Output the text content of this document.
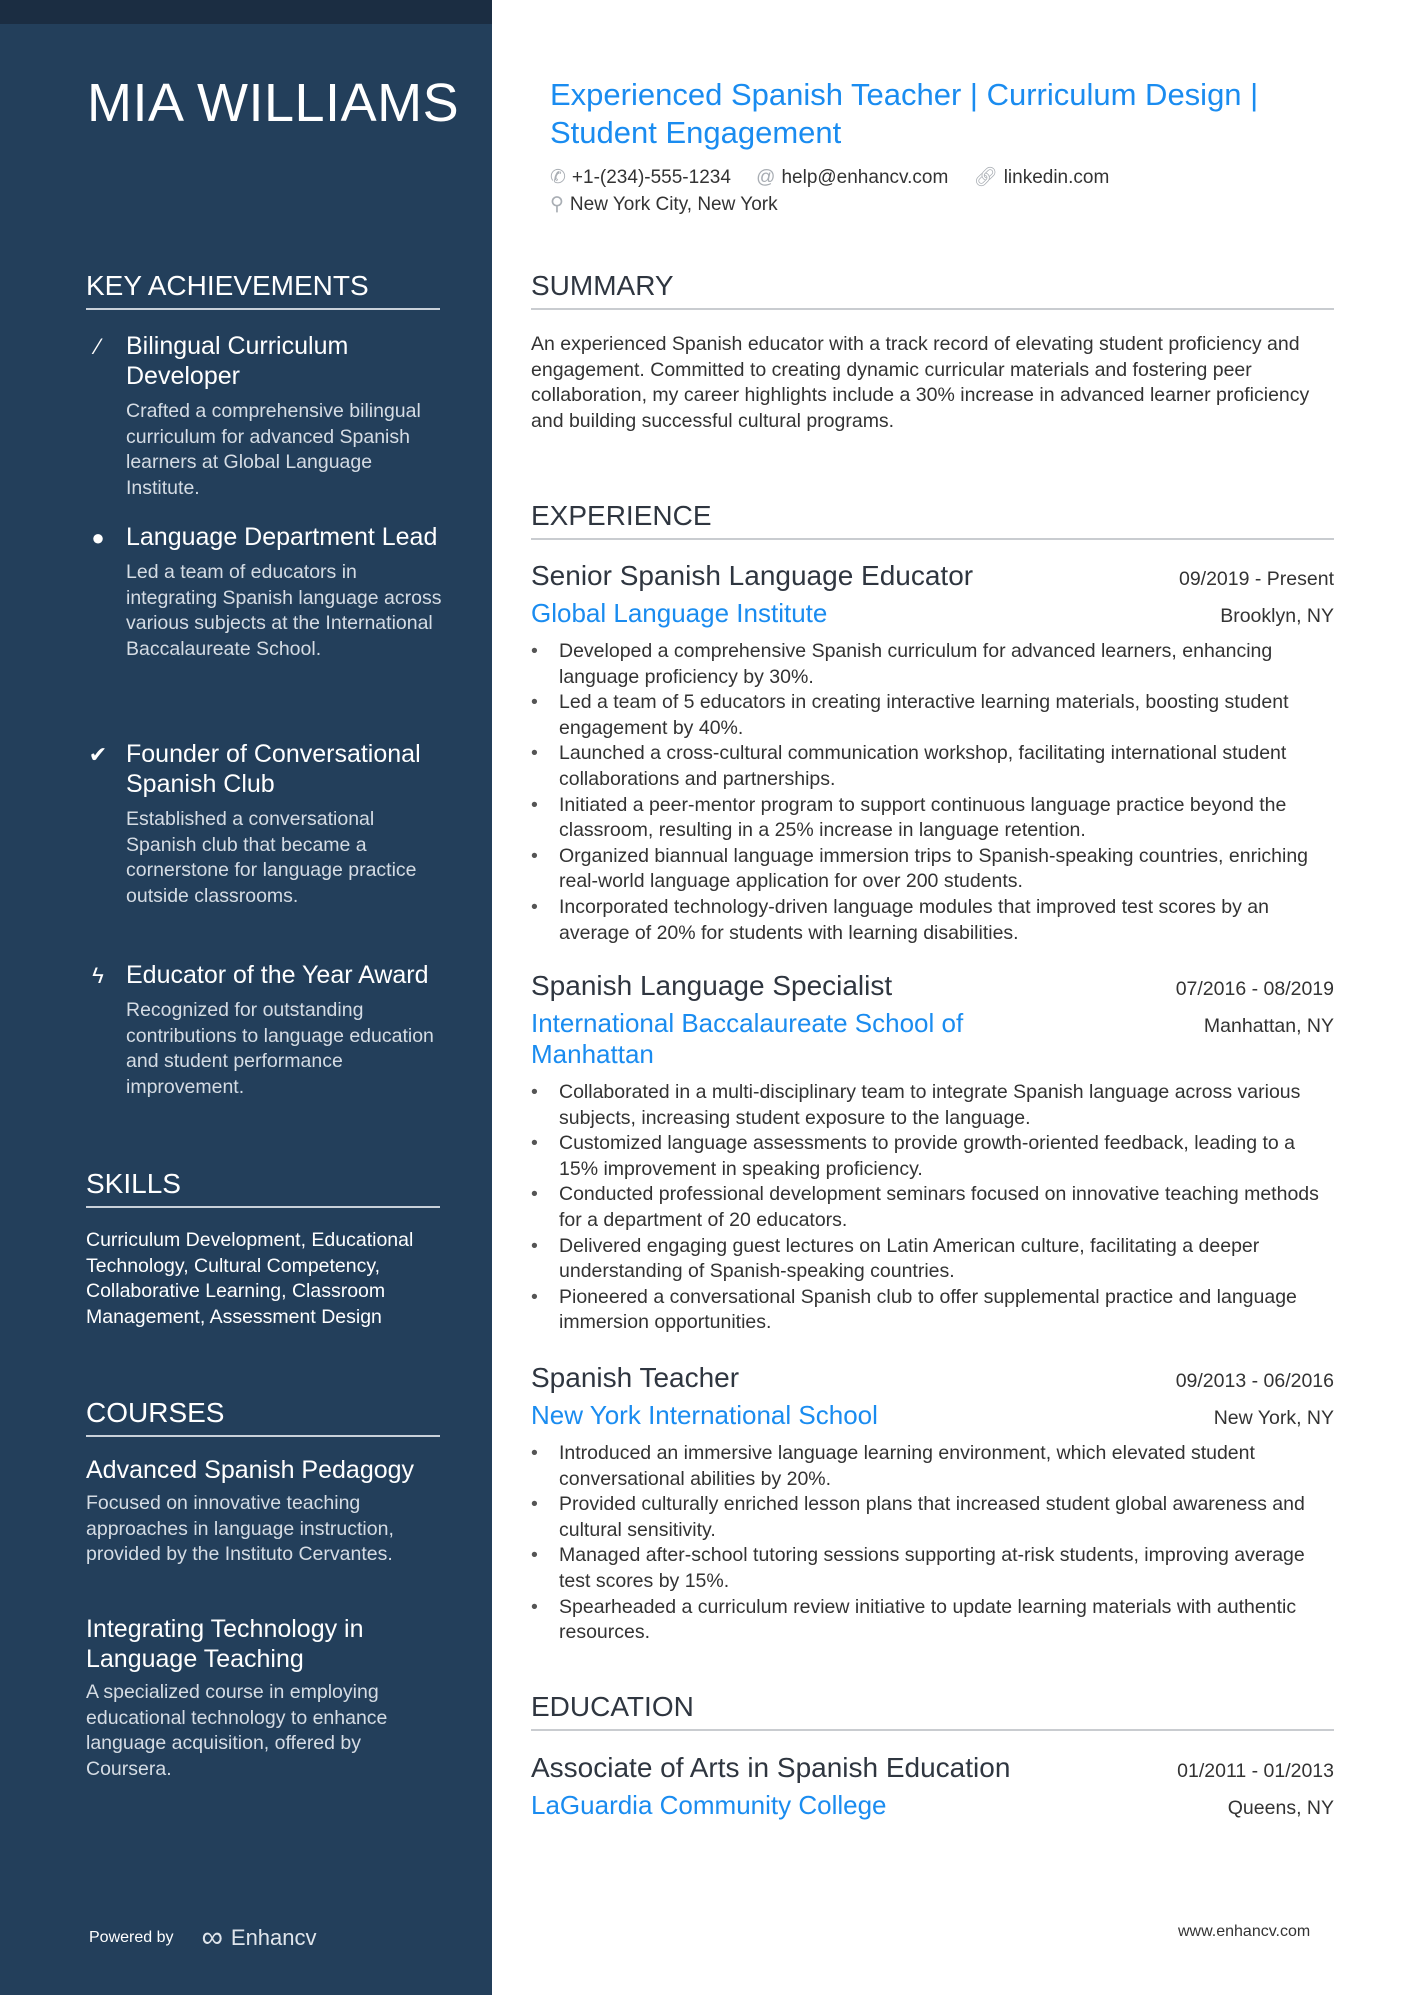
MIA WILLIAMS
KEY ACHIEVEMENTS
⁄	Bilingual Curriculum Developer
Crafted a comprehensive bilingual curriculum for advanced Spanish learners at Global Language Institute.
● Language Department Lead
Led a team of educators in integrating Spanish language across various subjects at the International Baccalaureate School.
✔ Founder of Conversational Spanish Club
Established a conversational Spanish club that became a cornerstone for language practice outside classrooms.
ϟ Educator of the Year Award
Recognized for outstanding contributions to language education and student performance improvement.
SKILLS
Curriculum Development, Educational Technology, Cultural Competency, Collaborative Learning, Classroom Management, Assessment Design
COURSES
Advanced Spanish Pedagogy
Focused on innovative teaching approaches in language instruction, provided by the Instituto Cervantes.
Integrating Technology in Language Teaching
A specialized course in employing educational technology to enhance language acquisition, offered by Coursera.
Powered by ∞ Enhancv
Experienced Spanish Teacher | Curriculum Design | Student Engagement
✆ +1-(234)-555-1234 @ help@enhancv.com 🔗︎ linkedin.com
⚲ New York City, New York
SUMMARY
An experienced Spanish educator with a track record of elevating student proficiency and engagement. Committed to creating dynamic curricular materials and fostering peer collaboration, my career highlights include a 30% increase in advanced learner proficiency and building successful cultural programs.
EXPERIENCE
Senior Spanish Language Educator	09/2019 - Present
Global Language Institute	Brooklyn, NY
• Developed a comprehensive Spanish curriculum for advanced learners, enhancing language proficiency by 30%.
• Led a team of 5 educators in creating interactive learning materials, boosting student engagement by 40%.
• Launched a cross-cultural communication workshop, facilitating international student collaborations and partnerships.
• Initiated a peer-mentor program to support continuous language practice beyond the classroom, resulting in a 25% increase in language retention.
• Organized biannual language immersion trips to Spanish-speaking countries, enriching real-world language application for over 200 students.
• Incorporated technology-driven language modules that improved test scores by an average of 20% for students with learning disabilities.
Spanish Language Specialist	07/2016 - 08/2019
International Baccalaureate School of Manhattan
Manhattan, NY
• Collaborated in a multi-disciplinary team to integrate Spanish language across various subjects, increasing student exposure to the language.
• Customized language assessments to provide growth-oriented feedback, leading to a 15% improvement in speaking proficiency.
• Conducted professional development seminars focused on innovative teaching methods for a department of 20 educators.
• Delivered engaging guest lectures on Latin American culture, facilitating a deeper understanding of Spanish-speaking countries.
• Pioneered a conversational Spanish club to offer supplemental practice and language immersion opportunities.
Spanish Teacher	09/2013 - 06/2016
New York International School	New York, NY
• Introduced an immersive language learning environment, which elevated student conversational abilities by 20%.
• Provided culturally enriched lesson plans that increased student global awareness and cultural sensitivity.
• Managed after-school tutoring sessions supporting at-risk students, improving average test scores by 15%.
• Spearheaded a curriculum review initiative to update learning materials with authentic resources.
EDUCATION
Associate of Arts in Spanish Education	01/2011 - 01/2013
LaGuardia Community College	Queens, NY
www.enhancv.com
